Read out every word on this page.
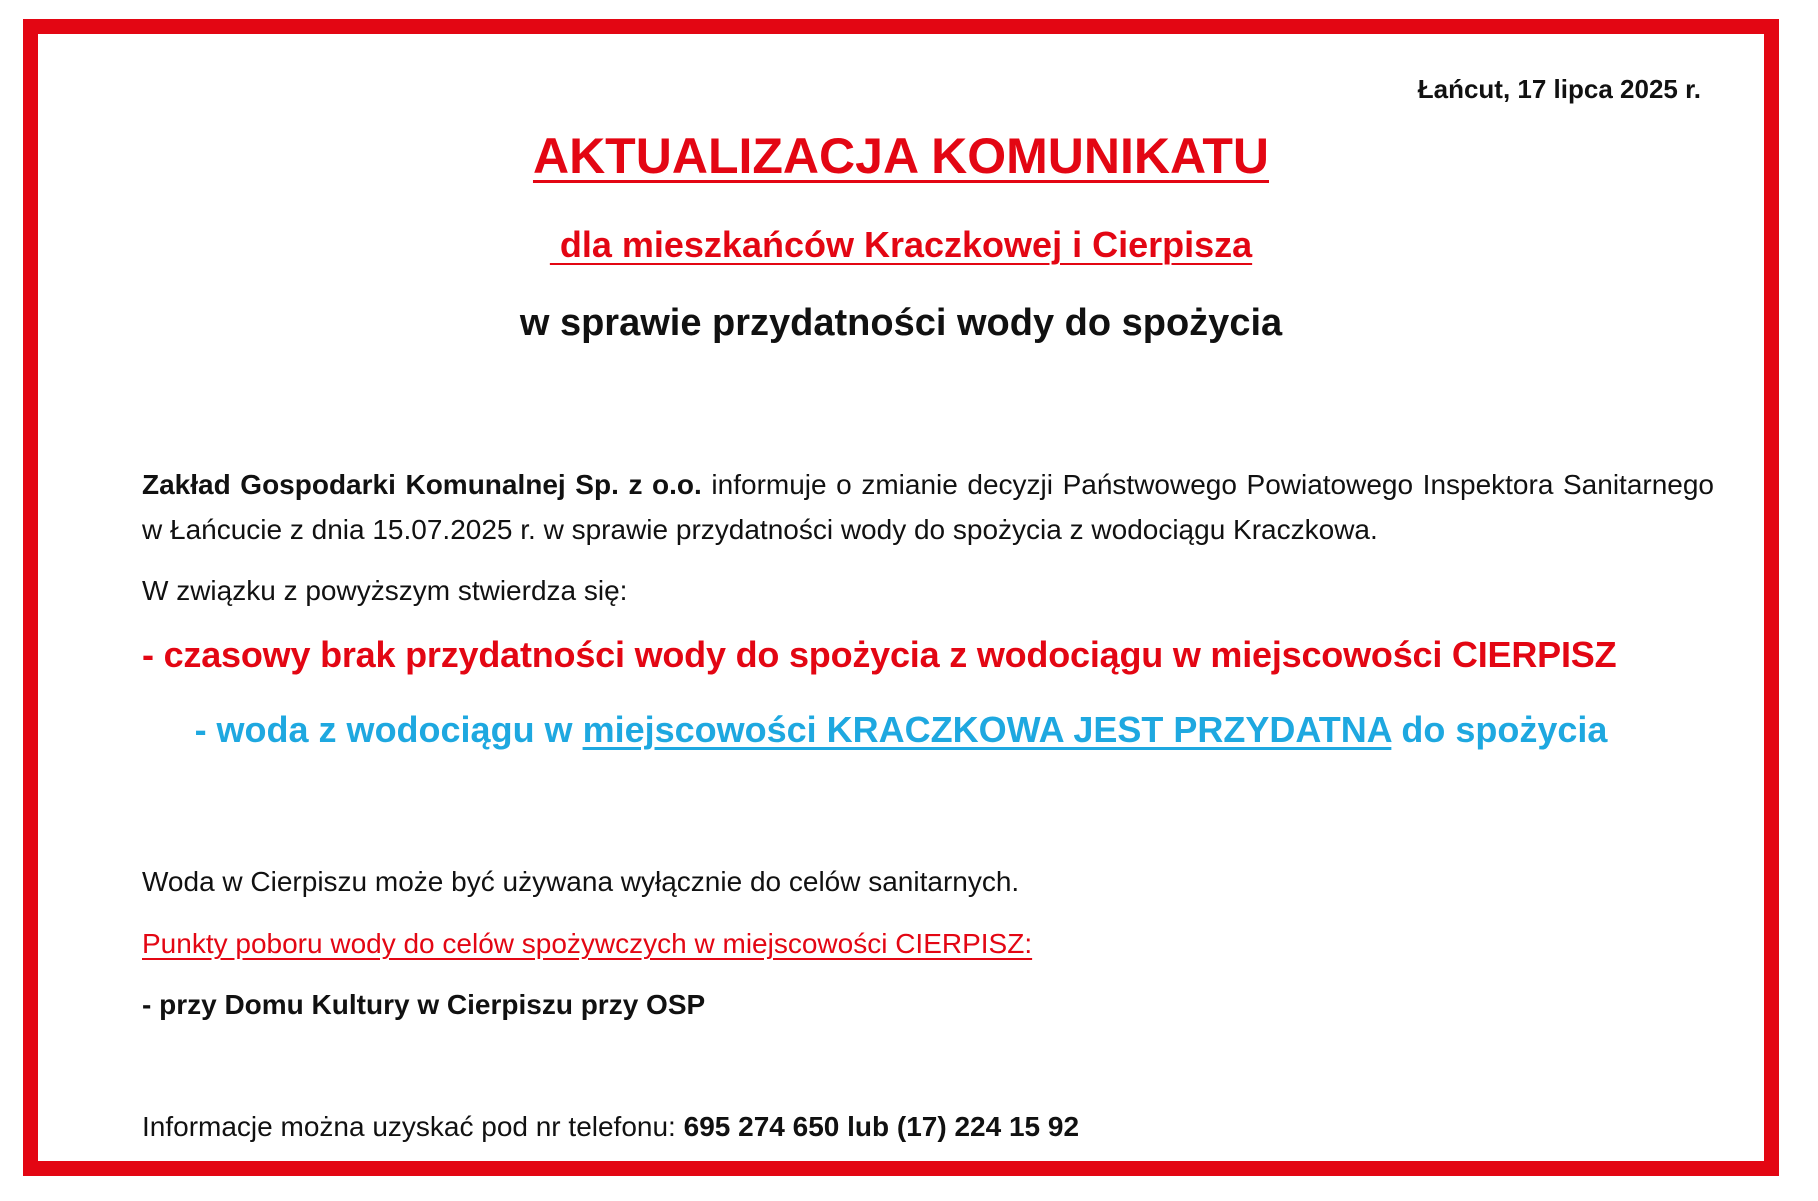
Łańcut, 17 lipca 2025 r.
AKTUALIZACJA KOMUNIKATU
dla mieszkańców Kraczkowej i Cierpisza
w sprawie przydatności wody do spożycia
Zakład Gospodarki Komunalnej Sp. z o.o. informuje o zmianie decyzji Państwowego Powiatowego Inspektora Sanitarnego w Łańcucie z dnia 15.07.2025 r. w sprawie przydatności wody do spożycia z wodociągu Kraczkowa.
W związku z powyższym stwierdza się:
- czasowy brak przydatności wody do spożycia z wodociągu w miejscowości CIERPISZ
- woda z wodociągu w miejscowości KRACZKOWA JEST PRZYDATNA do spożycia
Woda w Cierpiszu może być używana wyłącznie do celów sanitarnych.
Punkty poboru wody do celów spożywczych w miejscowości CIERPISZ:
- przy Domu Kultury w Cierpiszu przy OSP
Informacje można uzyskać pod nr telefonu: 695 274 650 lub (17) 224 15 92
